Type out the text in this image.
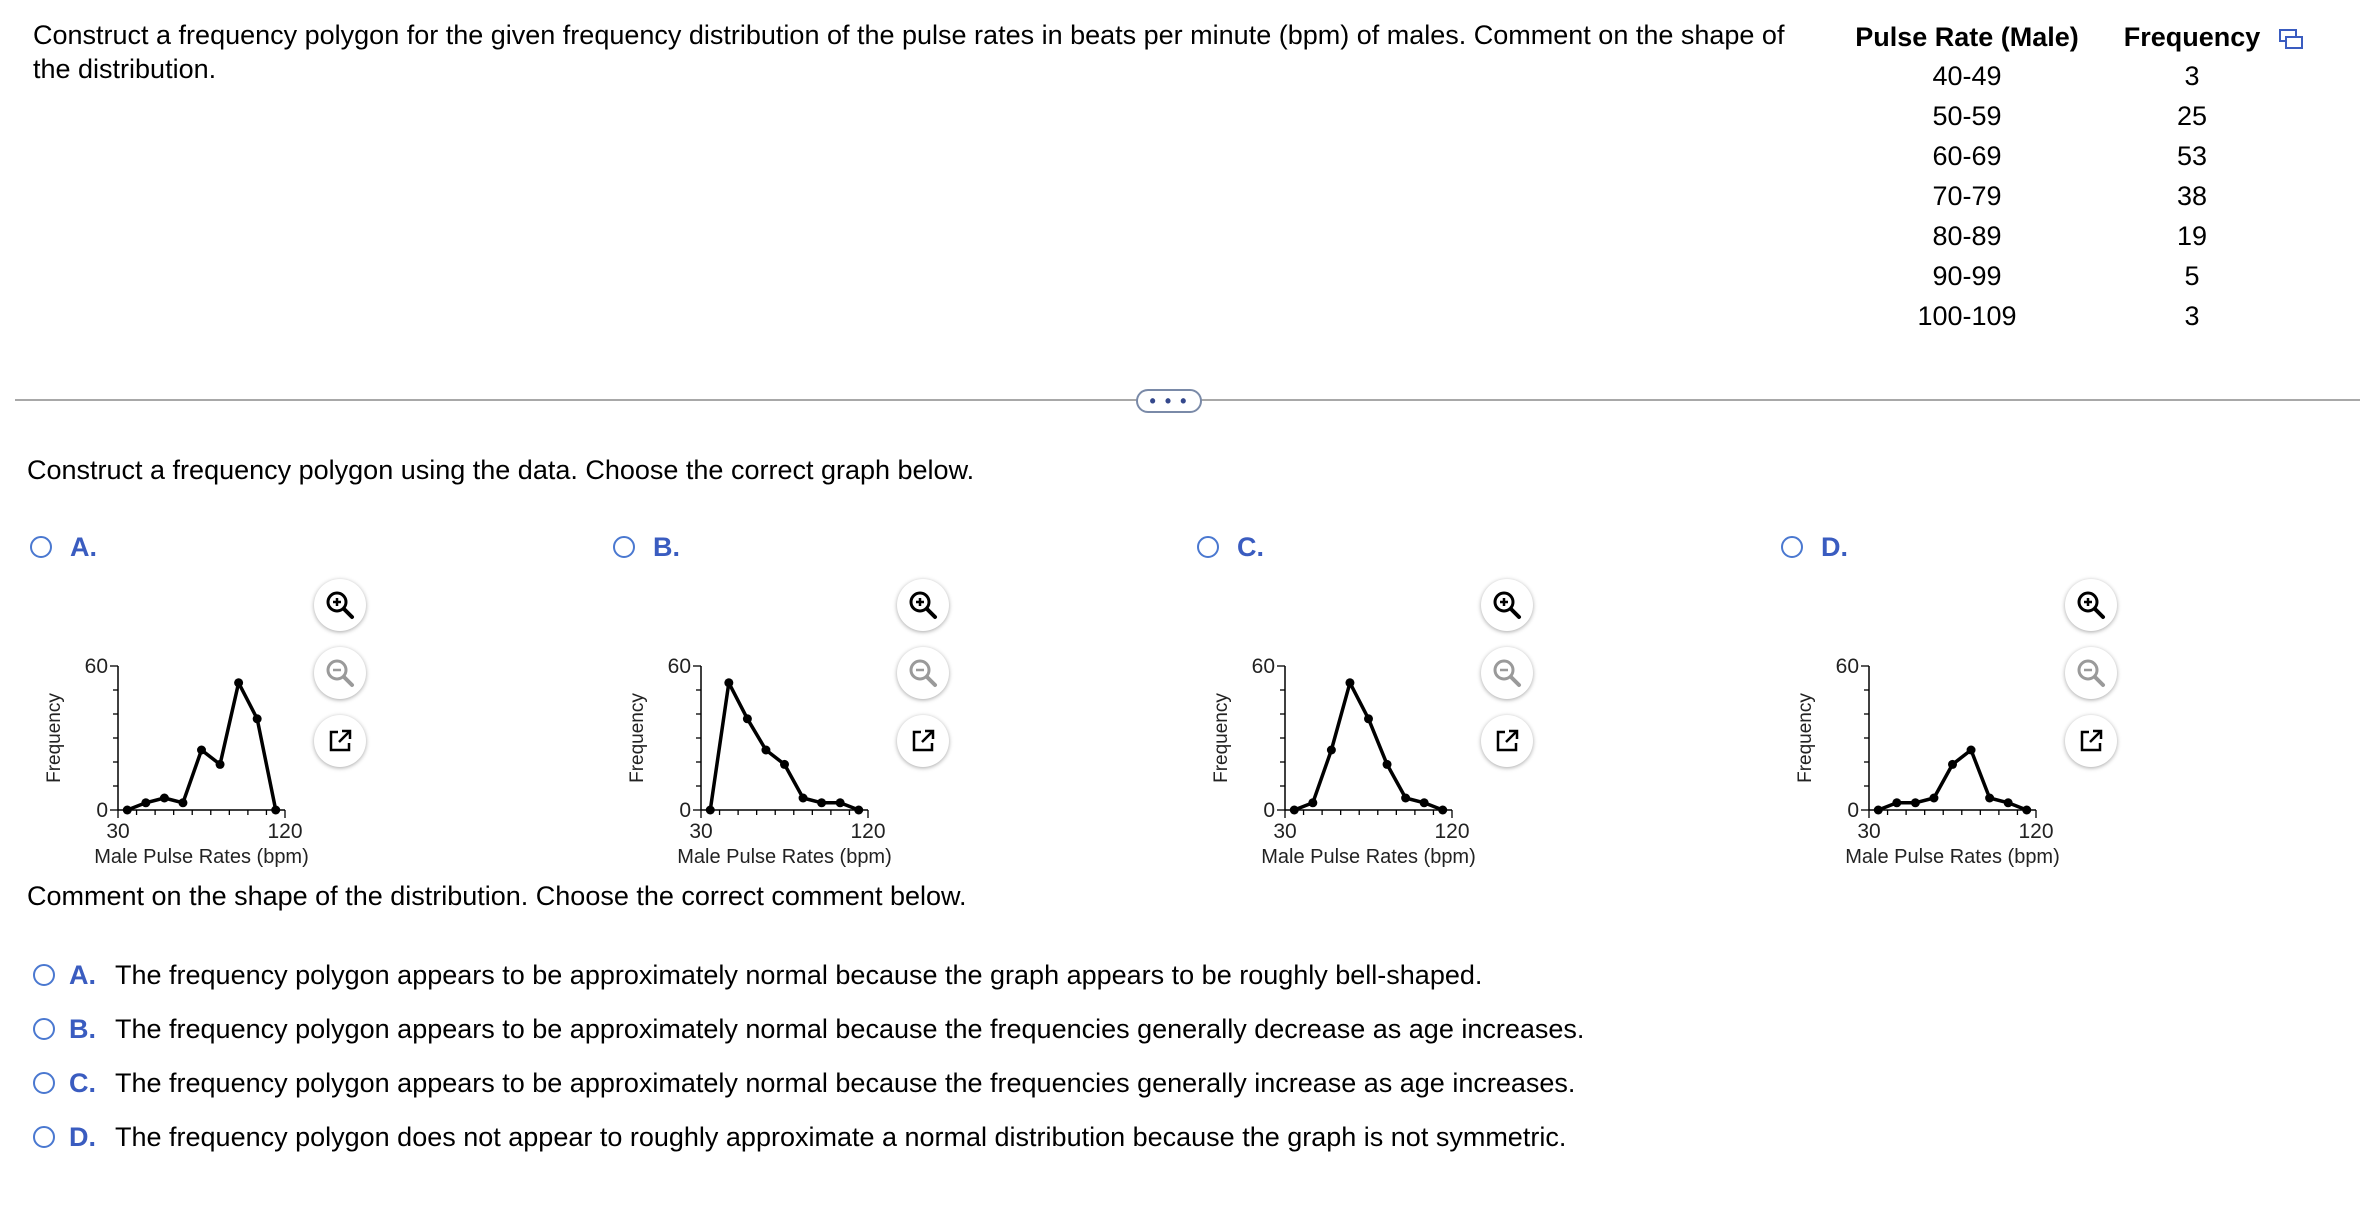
Construct a frequency polygon for the given frequency distribution of the pulse rates in beats per minute (bpm) of males. Comment on the shape of the distribution.
Pulse Rate (Male)	Frequency
40-49	3
50-59	25
60-69	53
70-79	38
80-89	19
90-99	5
100-109	3
• • •
Construct a frequency polygon using the data. Choose the correct graph below.
A.
0
60
30	120
Male Pulse Rates (bpm)
Frequency
B.
0
60
30	120
Male Pulse Rates (bpm)
Frequency
C.
0
60
30	120
Male Pulse Rates (bpm)
Frequency
D.
0
60
30	120
Male Pulse Rates (bpm)
Frequency
Comment on the shape of the distribution. Choose the correct comment below.
A. The frequency polygon appears to be approximately normal because the graph appears to be roughly bell-shaped.
B. The frequency polygon appears to be approximately normal because the frequencies generally decrease as age increases.
C. The frequency polygon appears to be approximately normal because the frequencies generally increase as age increases.
D. The frequency polygon does not appear to roughly approximate a normal distribution because the graph is not symmetric.
